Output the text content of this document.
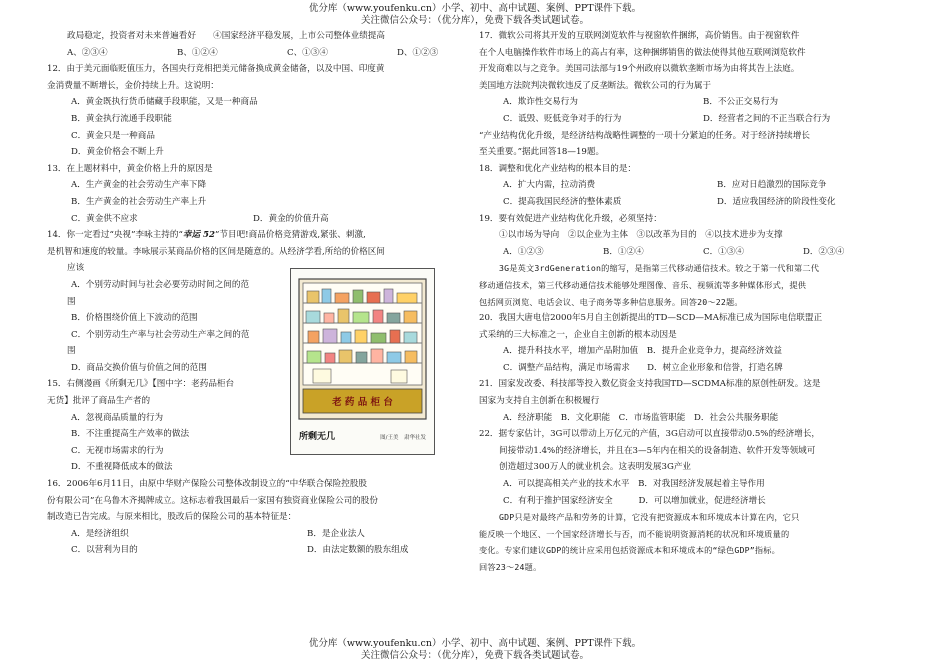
优分库（www.youfenku.cn）小学、初中、高中试题、案例、PPT课件下载。
关注微信公众号：（优分库），免费下载各类试题试卷。
政局稳定，投资者对未来普遍看好　　④国家经济平稳发展，上市公司整体业绩提高
A、②③④	B、①②④	C、①③④	D、①②③
12．由于美元面临贬值压力，各国央行竞相把美元储备换成黄金储备，以及中国、印度黄
金消费量不断增长，金价持续上升。这说明：
A．黄金既执行货币储藏手段职能，又是一种商品
B．黄金执行流通手段职能
C．黄金只是一种商品
D．黄金价格会不断上升
13．在上题材料中，黄金价格上升的原因是
A．生产黄金的社会劳动生产率下降
B．生产黄金的社会劳动生产率上升
C．黄金供不应求	D．黄金的价值升高
14．你一定看过“央视”李咏主持的“幸运 52”节目吧!商品价格竞猜游戏,紧张、刺激,
是机智和速度的较量。李咏展示某商品价格的区间是随意的。从经济学看,所给的价格区间
应该
A．个别劳动时间与社会必要劳动时间之间的范
围
B．价格围绕价值上下波动的范围
C．个别劳动生产率与社会劳动生产率之间的范
围
D．商品交换价值与价值之间的范围
15．右侧漫画《所剩无几》【图中字：老药品柜台
无货】批评了商品生产者的
A．忽视商品质量的行为
B．不注重提高生产效率的做法
C．无视市场需求的行为
D．不重视降低成本的做法
16．2006年6月11日，由原中华财产保险公司整体改制设立的“中华联合保险控股股
份有限公司”在乌鲁木齐揭牌成立。这标志着我国最后一家国有独资商业保险公司的股份
制改造已告完成。与原来相比，股改后的保险公司的基本特征是：
A．是经济组织	B．是企业法人
C．以营利为目的	D．由法定数额的股东组成
老 药 品 柜 台
所剩无几	图/王美　肃华社发
17．微软公司将其开发的互联网浏览软件与视窗软件捆绑，高价销售。由于视窗软件
在个人电脑操作软件市场上的高占有率，这种捆绑销售的做法使得其他互联网浏览软件
开发商难以与之竞争。美国司法部与19个州政府以微软垄断市场为由将其告上法庭。
美国地方法院判决微软违反了反垄断法。微软公司的行为属于
A．欺诈性交易行为	B．不公正交易行为
C．诋毁、贬低竞争对手的行为	D．经营者之间的不正当联合行为
“产业结构优化升级，是经济结构战略性调整的一项十分紧迫的任务。对于经济持续增长
至关重要。”据此回答18—19题。
18．调整和优化产业结构的根本目的是：
A．扩大内需，拉动消费	B．应对日趋激烈的国际竞争
C．提高我国民经济的整体素质	D．适应我国经济的阶段性变化
19．要有效促进产业结构优化升级，必须坚持：
①以市场为导向　②以企业为主体　③以改革为目的　④以技术进步为支撑
A．①②③	B．①②④	C．①③④	D．②③④
3G是英文3rdGeneration的缩写，是指第三代移动通信技术。较之于第一代和第二代
移动通信技术，第三代移动通信技术能够处理图像、音乐、视频流等多种媒体形式，提供
包括网页浏览、电话会议、电子商务等多种信息服务。回答20～22题。
20．我国大唐电信2000年5月自主创新提出的TD—SCD—MA标准已成为国际电信联盟正
式采纳的三大标准之一，企业自主创新的根本动因是
A．提升科技水平，增加产品附加值　B．提升企业竞争力，提高经济效益
C．调整产品结构，满足市场需求　　D．树立企业形象和信誉，打造名牌
21．国家发改委、科技部等投入数亿资金支持我国TD—SCDMA标准的原创性研发。这是
国家为支持自主创新在积极履行
A．经济职能　B．文化职能　C．市场监管职能　D．社会公共服务职能
22．据专家估计，3G可以带动上万亿元的产值，3G启动可以直接带动0.5%的经济增长，
间接带动1.4%的经济增长，并且在3—5年内在相关的设备制造、软件开发等领域可
创造超过300万人的就业机会。这表明发展3G产业
A．可以提高相关产业的技术水平　B．对我国经济发展起着主导作用
C．有利于推护国家经济安全　　　D．可以增加就业，促进经济增长
GDP只是对最终产品和劳务的计算，它没有把资源成本和环境成本计算在内，它只
能反映一个地区、一个国家经济增长与否，而不能说明资源消耗的状况和环境质量的
变化。专家们建议GDP的统计应采用包括资源成本和环境成本的“绿色GDP”指标。
回答23～24题。
优分库（www.youfenku.cn）小学、初中、高中试题、案例、PPT课件下载。
关注微信公众号：（优分库），免费下载各类试题试卷。
